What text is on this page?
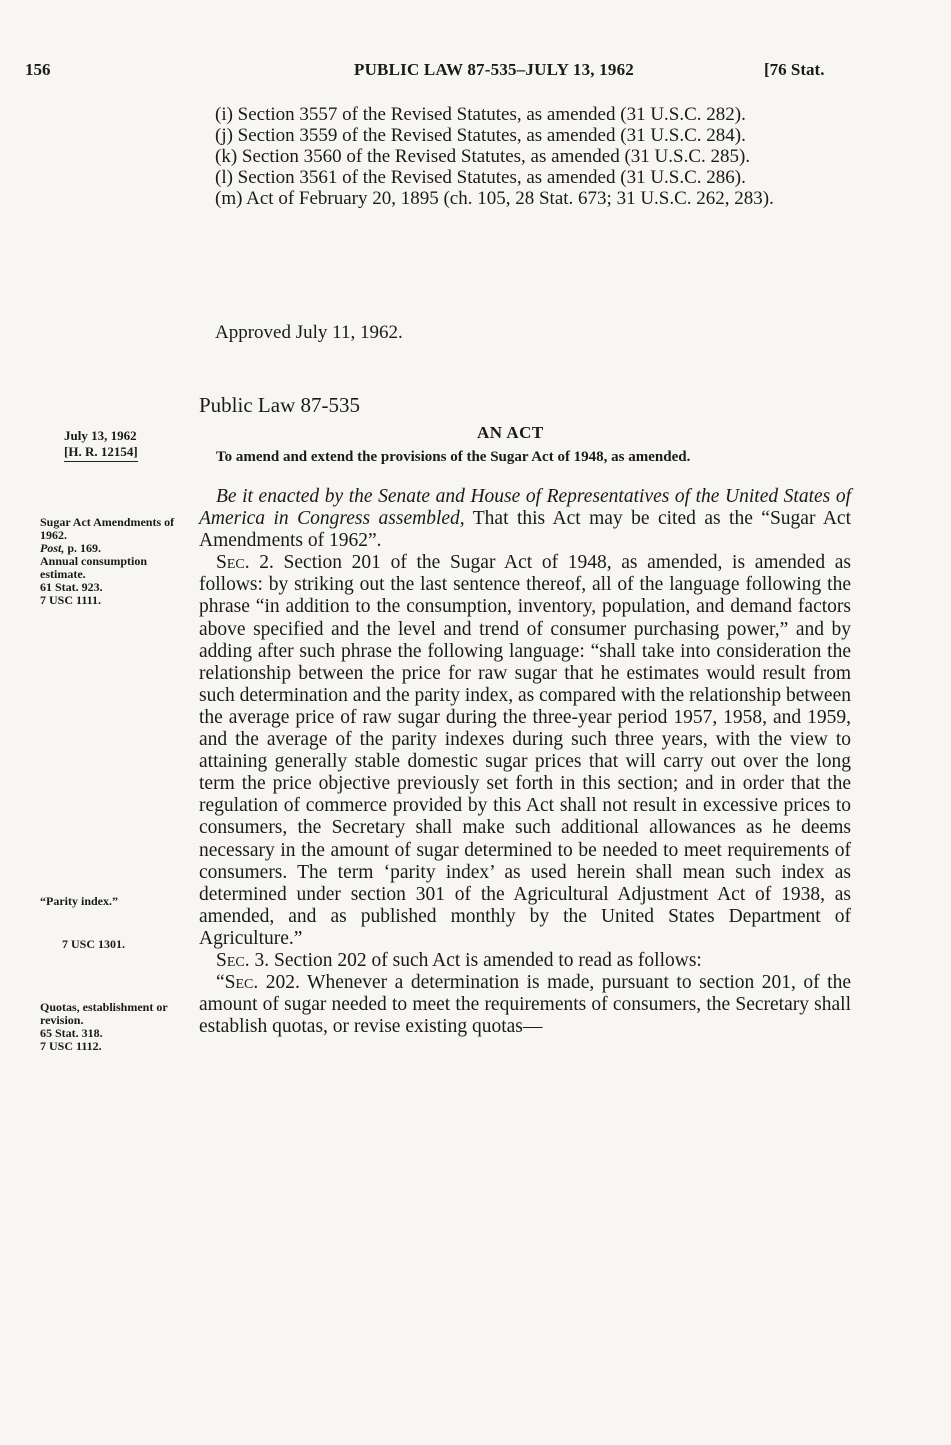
156	PUBLIC LAW 87-535–JULY 13, 1962	[76 Stat.

(i) Section 3557 of the Revised Statutes, as amended (31 U.S.C. 282).

(j) Section 3559 of the Revised Statutes, as amended (31 U.S.C. 284).

(k) Section 3560 of the Revised Statutes, as amended (31 U.S.C. 285).

(l) Section 3561 of the Revised Statutes, as amended (31 U.S.C. 286).

(m) Act of February 20, 1895 (ch. 105, 28 Stat. 673; 31 U.S.C. 262, 283).

Approved July 11, 1962.
Public Law 87-535
July 13, 1962
[H. R. 12154]
AN ACT
To amend and extend the provisions of the Sugar Act of 1948, as amended.

Be it enacted by the Senate and House of Representatives of the United States of America in Congress assembled, That this Act may be cited as the “Sugar Act Amendments of 1962”.

Sec. 2. Section 201 of the Sugar Act of 1948, as amended, is amended as follows: by striking out the last sentence thereof, all of the language following the phrase “in addition to the consumption, inventory, population, and demand factors above specified and the level and trend of consumer purchasing power,” and by adding after such phrase the following language: “shall take into consideration the relationship between the price for raw sugar that he estimates would result from such determination and the parity index, as compared with the relationship between the average price of raw sugar during the three-year period 1957, 1958, and 1959, and the average of the parity indexes during such three years, with the view to attaining generally stable domestic sugar prices that will carry out over the long term the price objective previously set forth in this section; and in order that the regulation of commerce provided by this Act shall not result in excessive prices to consumers, the Secretary shall make such additional allowances as he deems necessary in the amount of sugar determined to be needed to meet requirements of consumers. The term ‘parity index’ as used herein shall mean such index as determined under section 301 of the Agricultural Adjustment Act of 1938, as amended, and as published monthly by the United States Department of Agriculture.”

Sec. 3. Section 202 of such Act is amended to read as follows:

“Sec. 202. Whenever a determination is made, pursuant to section 201, of the amount of sugar needed to meet the requirements of consumers, the Secretary shall establish quotas, or revise existing quotas—

Sugar Act Amendments of 1962.
Post, p. 169.
Annual consumption estimate.
61 Stat. 923.
7 USC 1111.
“Parity index.”
7 USC 1301.
Quotas, establishment or revision.
65 Stat. 318.
7 USC 1112.
